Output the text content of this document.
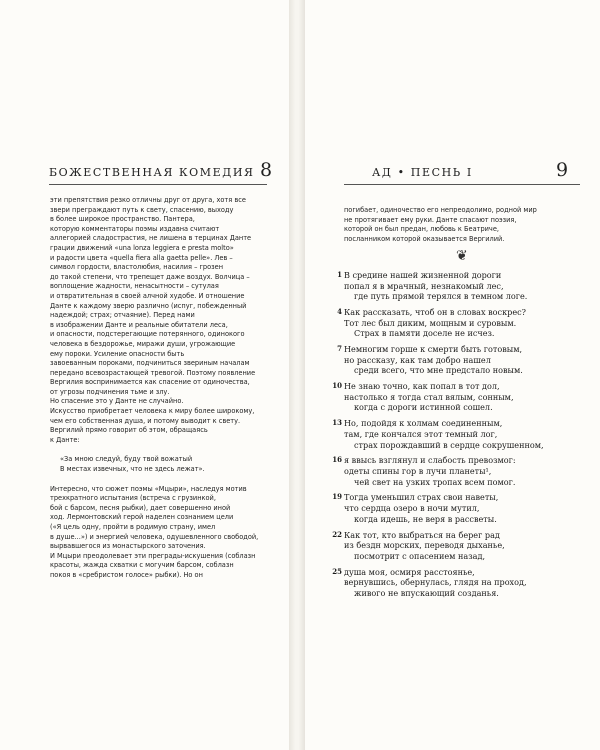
БОЖЕСТВЕННАЯ КОМЕДИЯ 8
эти препятствия резко отличны друг от друга, хотя все
звери преграждают путь к свету, спасению, выходу
в более широкое пространство. Пантера,
которую комментаторы поэмы издавна считают
аллегорией сладострастия, не лишена в терцинах Данте
грации движений «una lonza leggiera e presta molto»
и радости цвета «quella fiera alla gaetta pelle». Лев –
символ гордости, властолюбия, насилия – грозен
до такой степени, что трепещет даже воздух. Волчица –
воплощение жадности, ненасытности – сутулая
и отвратительная в своей алчной худобе. И отношение
Данте к каждому зверю различно (испуг, побежденный
надеждой; страх; отчаяние). Перед нами
в изображении Данте и реальные обитатели леса,
и опасности, подстерегающие потерянного, одинокого
человека в бездорожье, миражи души, угрожающие
ему пороки. Усиление опасности быть
завоеванным пороками, подчиниться звериным началам
передано всевозрастающей тревогой. Поэтому появление
Вергилия воспринимается как спасение от одиночества,
от угрозы подчинения тьме и злу.
Но спасение это у Данте не случайно.
Искусство приобретает человека к миру более широкому,
чем его собственная душа, и потому выводит к свету.
Вергилий прямо говорит об этом, обращаясь
к Данте:
«За мною следуй, буду твой вожатый
В местах извечных, что не здесь лежат».
Интересно, что сюжет поэмы «Мцыри», наследуя мотив
трехкратного испытания (встреча с грузинкой,
бой с барсом, песня рыбки), дает совершенно иной
ход. Лермонтовский герой наделен сознанием цели
(«Я цель одну, пройти в родимую страну, имел
в душе...») и энергией человека, одушевленного свободой,
вырвавшегося из монастырского заточения.
И Мцыри преодолевает эти преграды-искушения (соблазн
красоты, жажда схватки с могучим барсом, соблазн
покоя в «сребристом голосе» рыбки). Но он
АД • ПЕСНЬ I	9
погибает, одиночество его непреодолимо, родной мир
не протягивает ему руки. Данте спасают поэзия,
которой он был предан, любовь к Беатриче,
посланником которой оказывается Вергилий.
❦
1 В средине нашей жизненной дороги
попал я в мрачный, незнакомый лес,
где путь прямой терялся в темном логе.
4 Как рассказать, чтоб он в словах воскрес?
Тот лес был диким, мощным и суровым.
Страх в памяти доселе не исчез.
7 Немногим горше к смерти быть готовым,
но рассказу, как там добро нашел
среди всего, что мне предстало новым.
10 Не знаю точно, как попал в тот дол,
настолько я тогда стал вялым, сонным,
когда с дороги истинной сошел.
13 Но, подойдя к холмам соединенным,
там, где кончался этот темный лог,
страх порождавший в сердце сокрушенном,
16 я ввысь взглянул и слабость превозмог:
одеты спины гор в лучи планеты¹,
чей свет на узких тропах всем помог.
19 Тогда уменьшил страх свои наветы,
что сердца озеро в ночи мутил,
когда идешь, не веря в рассветы.
22 Как тот, кто выбраться на берег рад
из бездн морских, переводя дыханье,
посмотрит с опасением назад,
25 душа моя, осмиря расстоянье,
вернувшись, обернулась, глядя на проход,
живого не впускающий созданья.
